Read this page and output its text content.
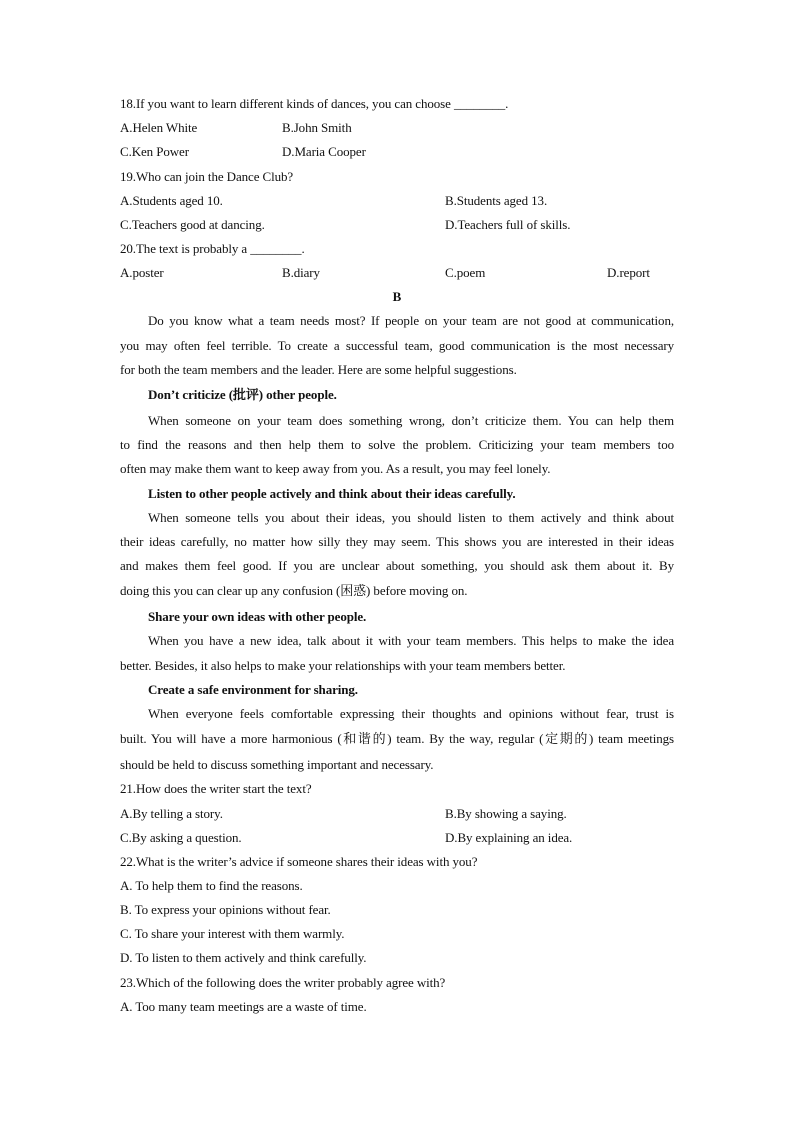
18.If you want to learn different kinds of dances, you can choose ________.
A.Helen White	B.John Smith
C.Ken Power	D.Maria Cooper
19.Who can join the Dance Club?
A.Students aged 10.	B.Students aged 13.
C.Teachers good at dancing.	D.Teachers full of skills.
20.The text is probably a ________.
A.poster	B.diary	C.poem	D.report
B
Do you know what a team needs most? If people on your team are not good at communication,
you may often feel terrible. To create a successful team, good communication is the most necessary
for both the team members and the leader. Here are some helpful suggestions.
Don’t criticize (批评) other people.
When someone on your team does something wrong, don’t criticize them. You can help them
to find the reasons and then help them to solve the problem. Criticizing your team members too
often may make them want to keep away from you. As a result, you may feel lonely.
Listen to other people actively and think about their ideas carefully.
When someone tells you about their ideas, you should listen to them actively and think about
their ideas carefully, no matter how silly they may seem. This shows you are interested in their ideas
and makes them feel good. If you are unclear about something, you should ask them about it. By
doing this you can clear up any confusion (困惑) before moving on.
Share your own ideas with other people.
When you have a new idea, talk about it with your team members. This helps to make the idea
better. Besides, it also helps to make your relationships with your team members better.
Create a safe environment for sharing.
When everyone feels comfortable expressing their thoughts and opinions without fear, trust is
built. You will have a more harmonious (和谐的) team. By the way, regular (定期的) team meetings
should be held to discuss something important and necessary.
21.How does the writer start the text?
A.By telling a story.	B.By showing a saying.
C.By asking a question.	D.By explaining an idea.
22.What is the writer’s advice if someone shares their ideas with you?
A. To help them to find the reasons.
B. To express your opinions without fear.
C. To share your interest with them warmly.
D. To listen to them actively and think carefully.
23.Which of the following does the writer probably agree with?
A. Too many team meetings are a waste of time.
